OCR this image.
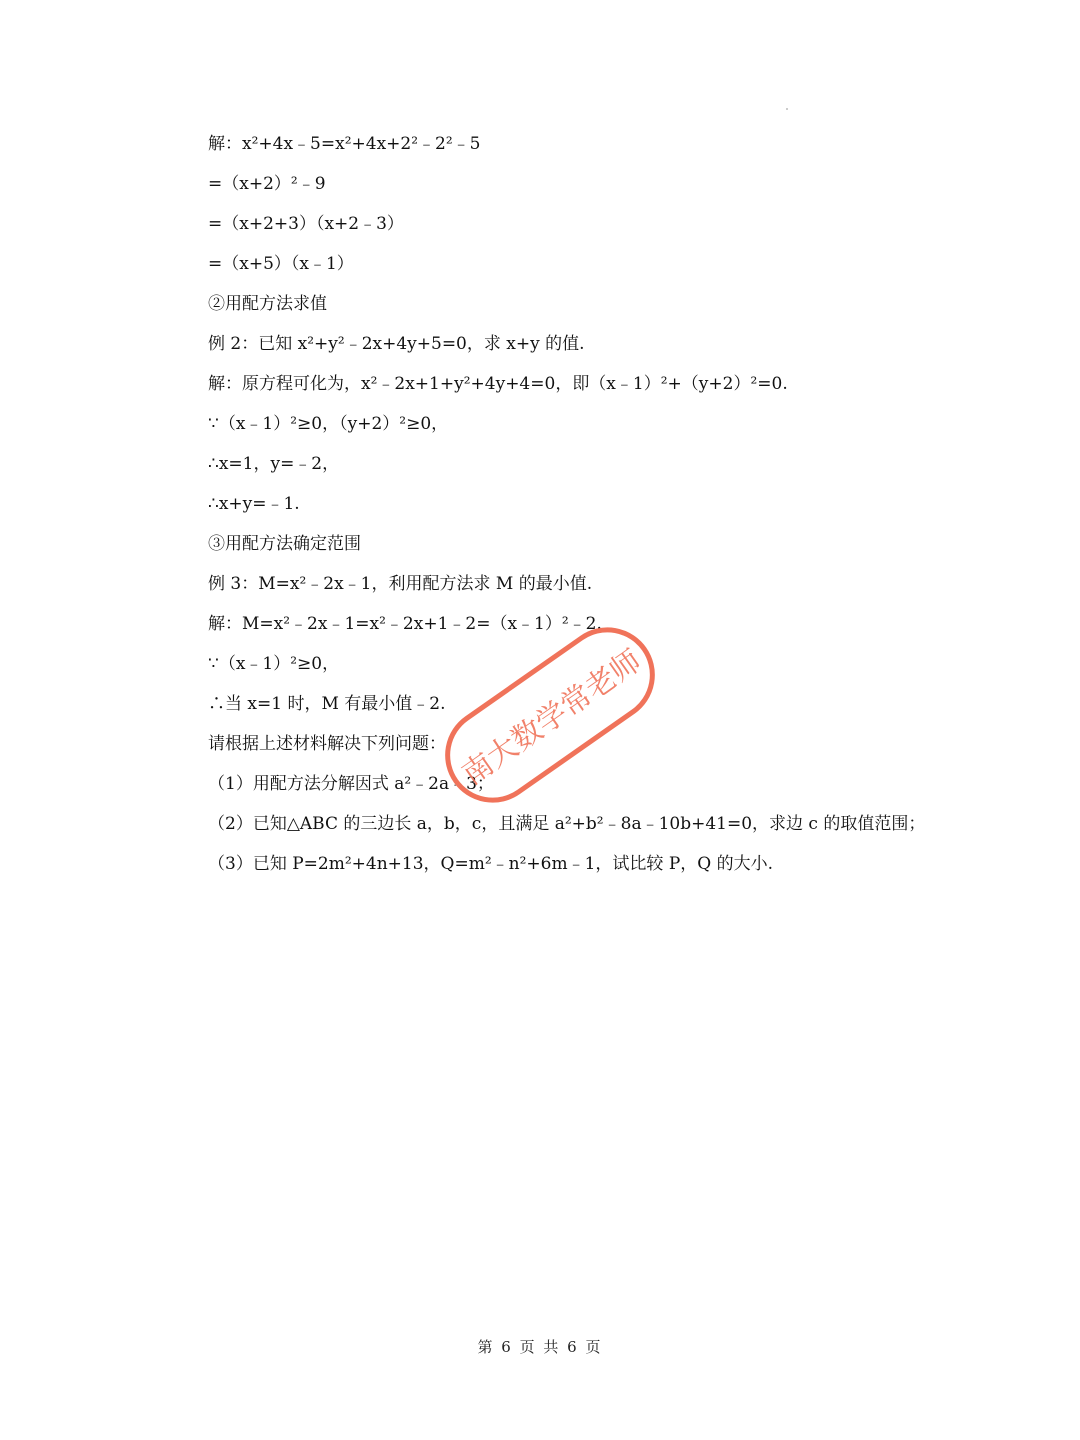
解：x²+4x﹣5=x²+4x+2²﹣2²﹣5
=（x+2）²﹣9
=（x+2+3）（x+2﹣3）
=（x+5）（x﹣1）
②用配方法求值
例 2：已知 x²+y²﹣2x+4y+5=0，求 x+y 的值.
解：原方程可化为，x²﹣2x+1+y²+4y+4=0，即（x﹣1）²+（y+2）²=0.
∵（x﹣1）²≥0，（y+2）²≥0，
∴x=1，y=﹣2，
∴x+y=﹣1.
③用配方法确定范围
例 3：M=x²﹣2x﹣1，利用配方法求 M 的最小值.
解：M=x²﹣2x﹣1=x²﹣2x+1﹣2=（x﹣1）²﹣2.
∵（x﹣1）²≥0，
∴当 x=1 时，M 有最小值﹣2.
请根据上述材料解决下列问题：
（1）用配方法分解因式 a²﹣2a﹣3；
（2）已知△ABC 的三边长 a，b，c，且满足 a²+b²﹣8a﹣10b+41=0，求边 c 的取值范围；
（3）已知 P=2m²+4n+13，Q=m²﹣n²+6m﹣1，试比较 P，Q 的大小.
南大数学常老师
第 6 页 共 6 页
